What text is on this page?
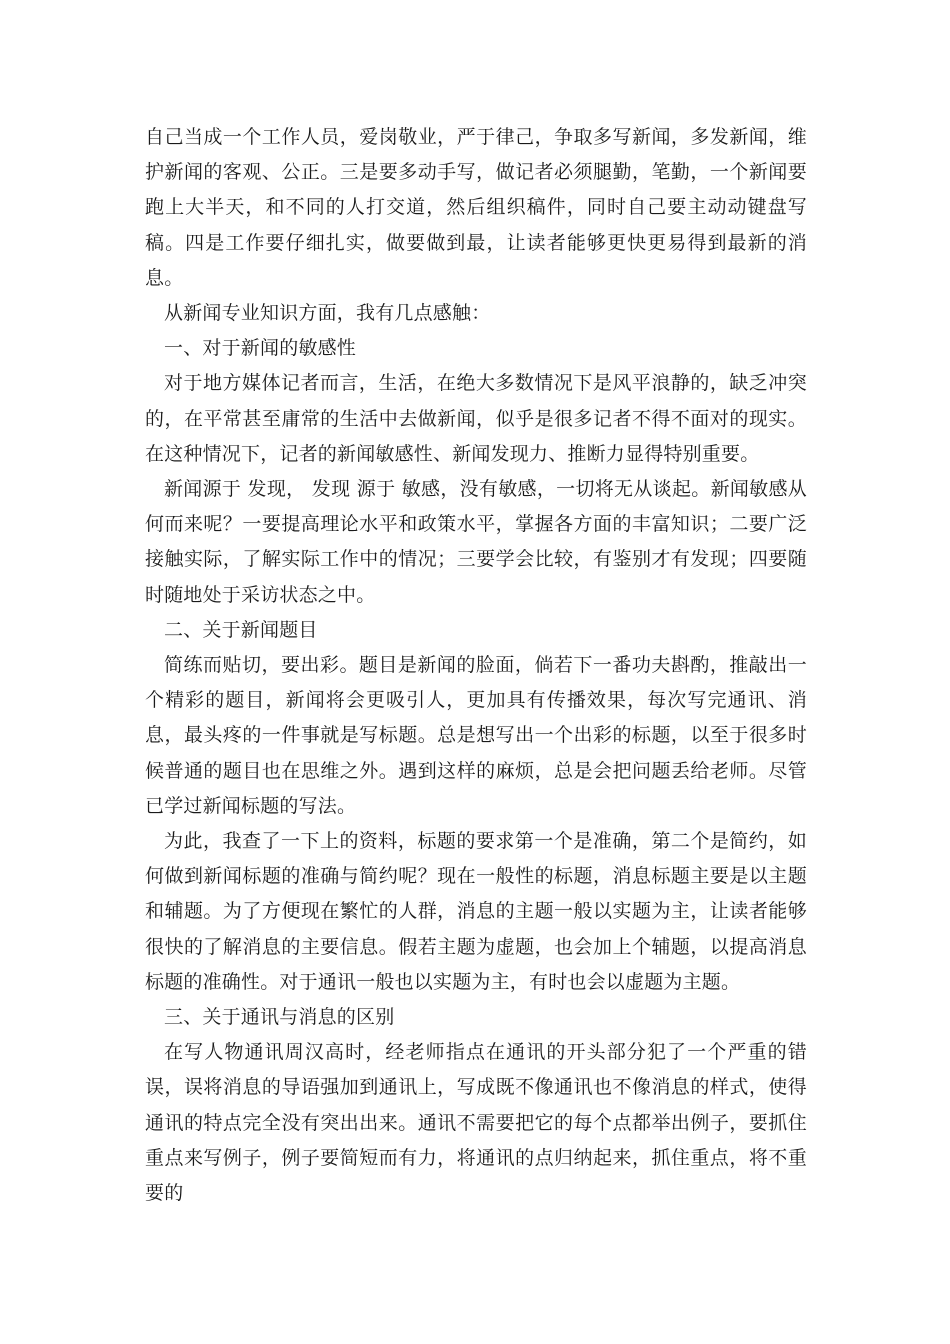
自己当成一个工作人员，爱岗敬业，严于律己，争取多写新闻，多发新闻，维护新闻的客观、公正。三是要多动手写，做记者必须腿勤，笔勤，一个新闻要跑上大半天，和不同的人打交道，然后组织稿件，同时自己要主动动键盘写稿。四是工作要仔细扎实，做要做到最，让读者能够更快更易得到最新的消息。

从新闻专业知识方面，我有几点感触：

一、对于新闻的敏感性

对于地方媒体记者而言，生活，在绝大多数情况下是风平浪静的，缺乏冲突的，在平常甚至庸常的生活中去做新闻，似乎是很多记者不得不面对的现实。在这种情况下，记者的新闻敏感性、新闻发现力、推断力显得特别重要。

新闻源于 发现， 发现 源于 敏感，没有敏感，一切将无从谈起。新闻敏感从何而来呢？一要提高理论水平和政策水平，掌握各方面的丰富知识；二要广泛接触实际，了解实际工作中的情况；三要学会比较，有鉴别才有发现；四要随时随地处于采访状态之中。

二、关于新闻题目

简练而贴切，要出彩。题目是新闻的脸面，倘若下一番功夫斟酌，推敲出一个精彩的题目，新闻将会更吸引人，更加具有传播效果，每次写完通讯、消息，最头疼的一件事就是写标题。总是想写出一个出彩的标题，以至于很多时候普通的题目也在思维之外。遇到这样的麻烦，总是会把问题丢给老师。尽管已学过新闻标题的写法。

为此，我查了一下上的资料，标题的要求第一个是准确，第二个是简约，如何做到新闻标题的准确与简约呢？现在一般性的标题，消息标题主要是以主题和辅题。为了方便现在繁忙的人群，消息的主题一般以实题为主，让读者能够很快的了解消息的主要信息。假若主题为虚题，也会加上个辅题，以提高消息标题的准确性。对于通讯一般也以实题为主，有时也会以虚题为主题。

三、关于通讯与消息的区别

在写人物通讯周汉高时，经老师指点在通讯的开头部分犯了一个严重的错误，误将消息的导语强加到通讯上，写成既不像通讯也不像消息的样式，使得通讯的特点完全没有突出出来。通讯不需要把它的每个点都举出例子，要抓住重点来写例子，例子要简短而有力，将通讯的点归纳起来，抓住重点，将不重要的
